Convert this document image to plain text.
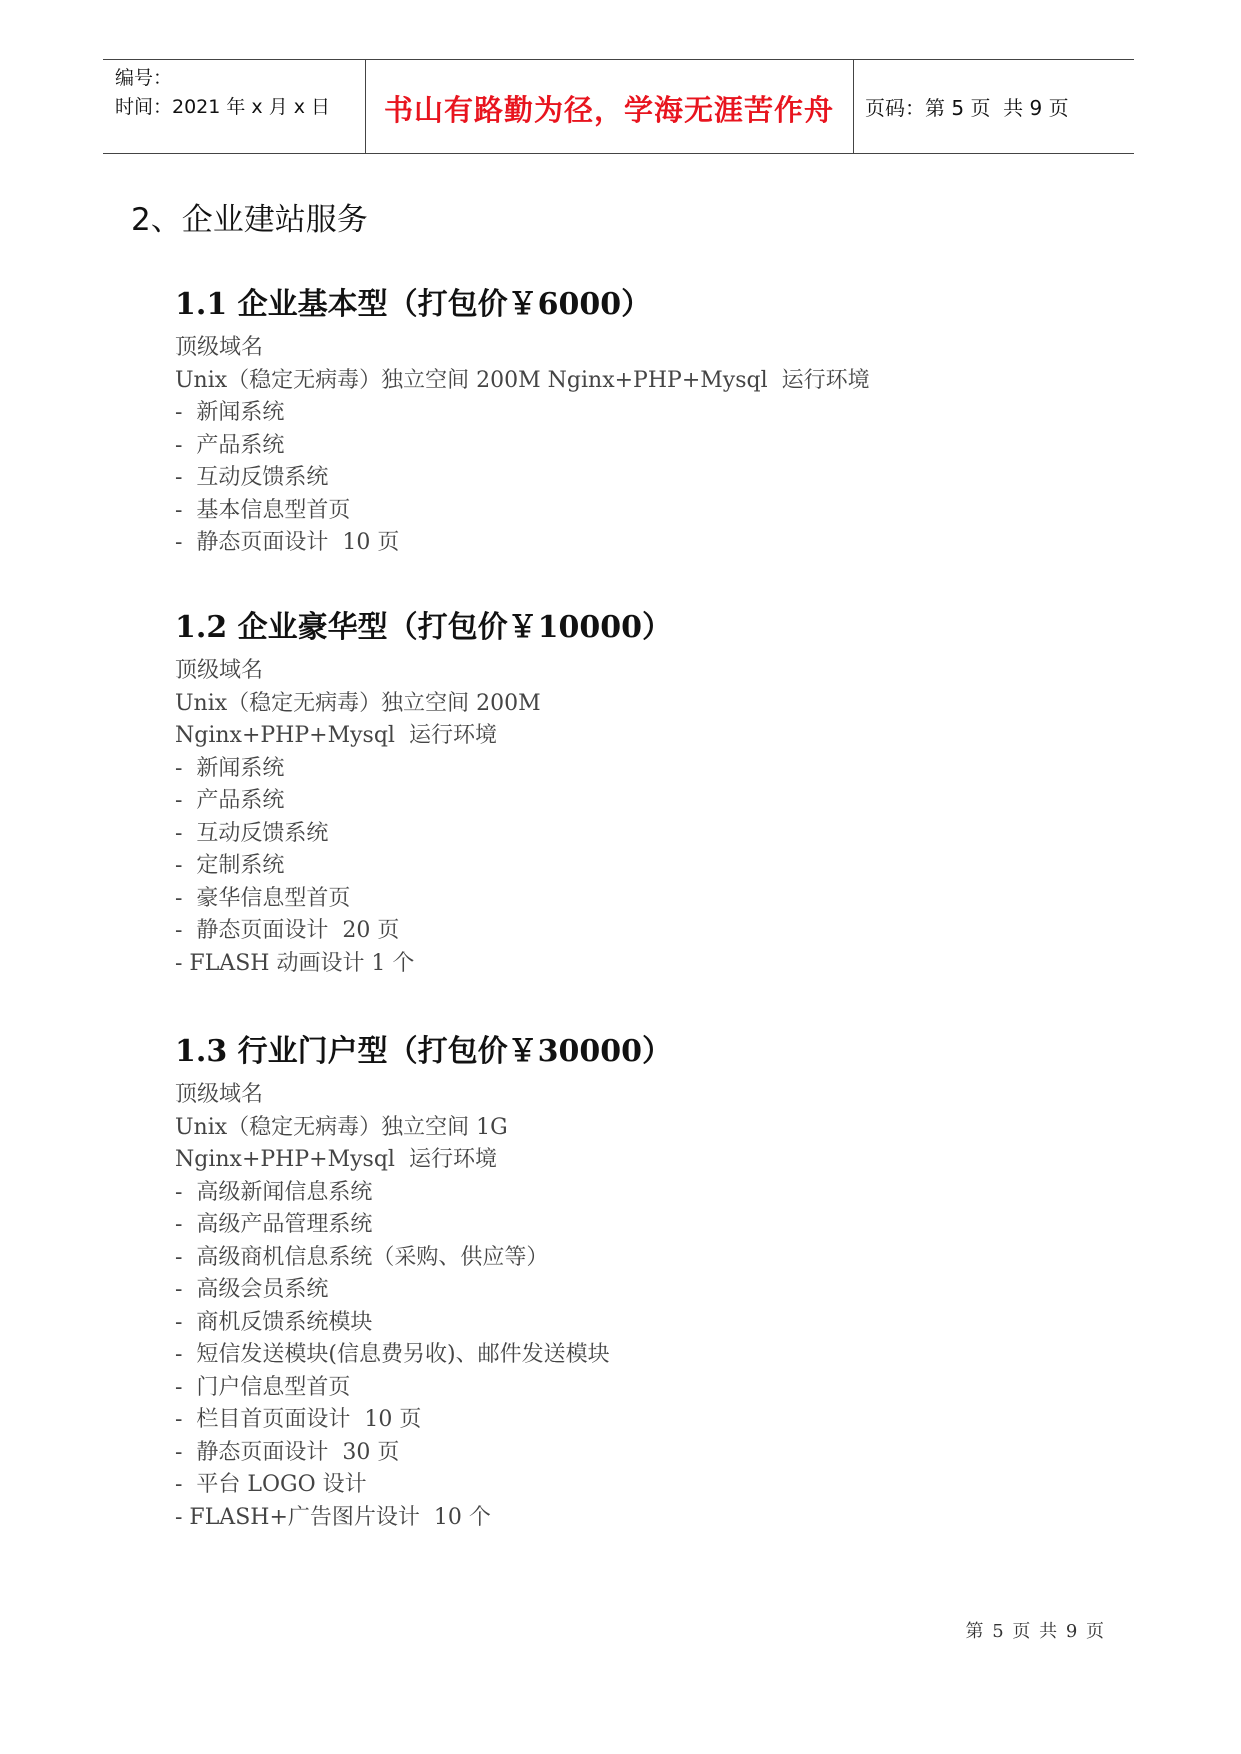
编号：
时间：2021 年 x 月 x 日	书山有路勤为径，学海无涯苦作舟	页码：第 5 页  共 9 页
2、企业建站服务
1.1 企业基本型（打包价￥6000）
顶级域名
Unix（稳定无病毒）独立空间 200M Nginx+PHP+Mysql  运行环境
-  新闻系统
-  产品系统
-  互动反馈系统
-  基本信息型首页
-  静态页面设计  10 页
1.2 企业豪华型（打包价￥10000）
顶级域名
Unix（稳定无病毒）独立空间 200M
Nginx+PHP+Mysql  运行环境
-  新闻系统
-  产品系统
-  互动反馈系统
-  定制系统
-  豪华信息型首页
-  静态页面设计  20 页
- FLASH 动画设计 1 个
1.3 行业门户型（打包价￥30000）
顶级域名
Unix（稳定无病毒）独立空间 1G
Nginx+PHP+Mysql  运行环境
-  高级新闻信息系统
-  高级产品管理系统
-  高级商机信息系统（采购、供应等）
-  高级会员系统
-  商机反馈系统模块
-  短信发送模块(信息费另收)、邮件发送模块
-  门户信息型首页
-  栏目首页面设计  10 页
-  静态页面设计  30 页
-  平台 LOGO 设计
- FLASH+广告图片设计  10 个
第 5 页 共 9 页
